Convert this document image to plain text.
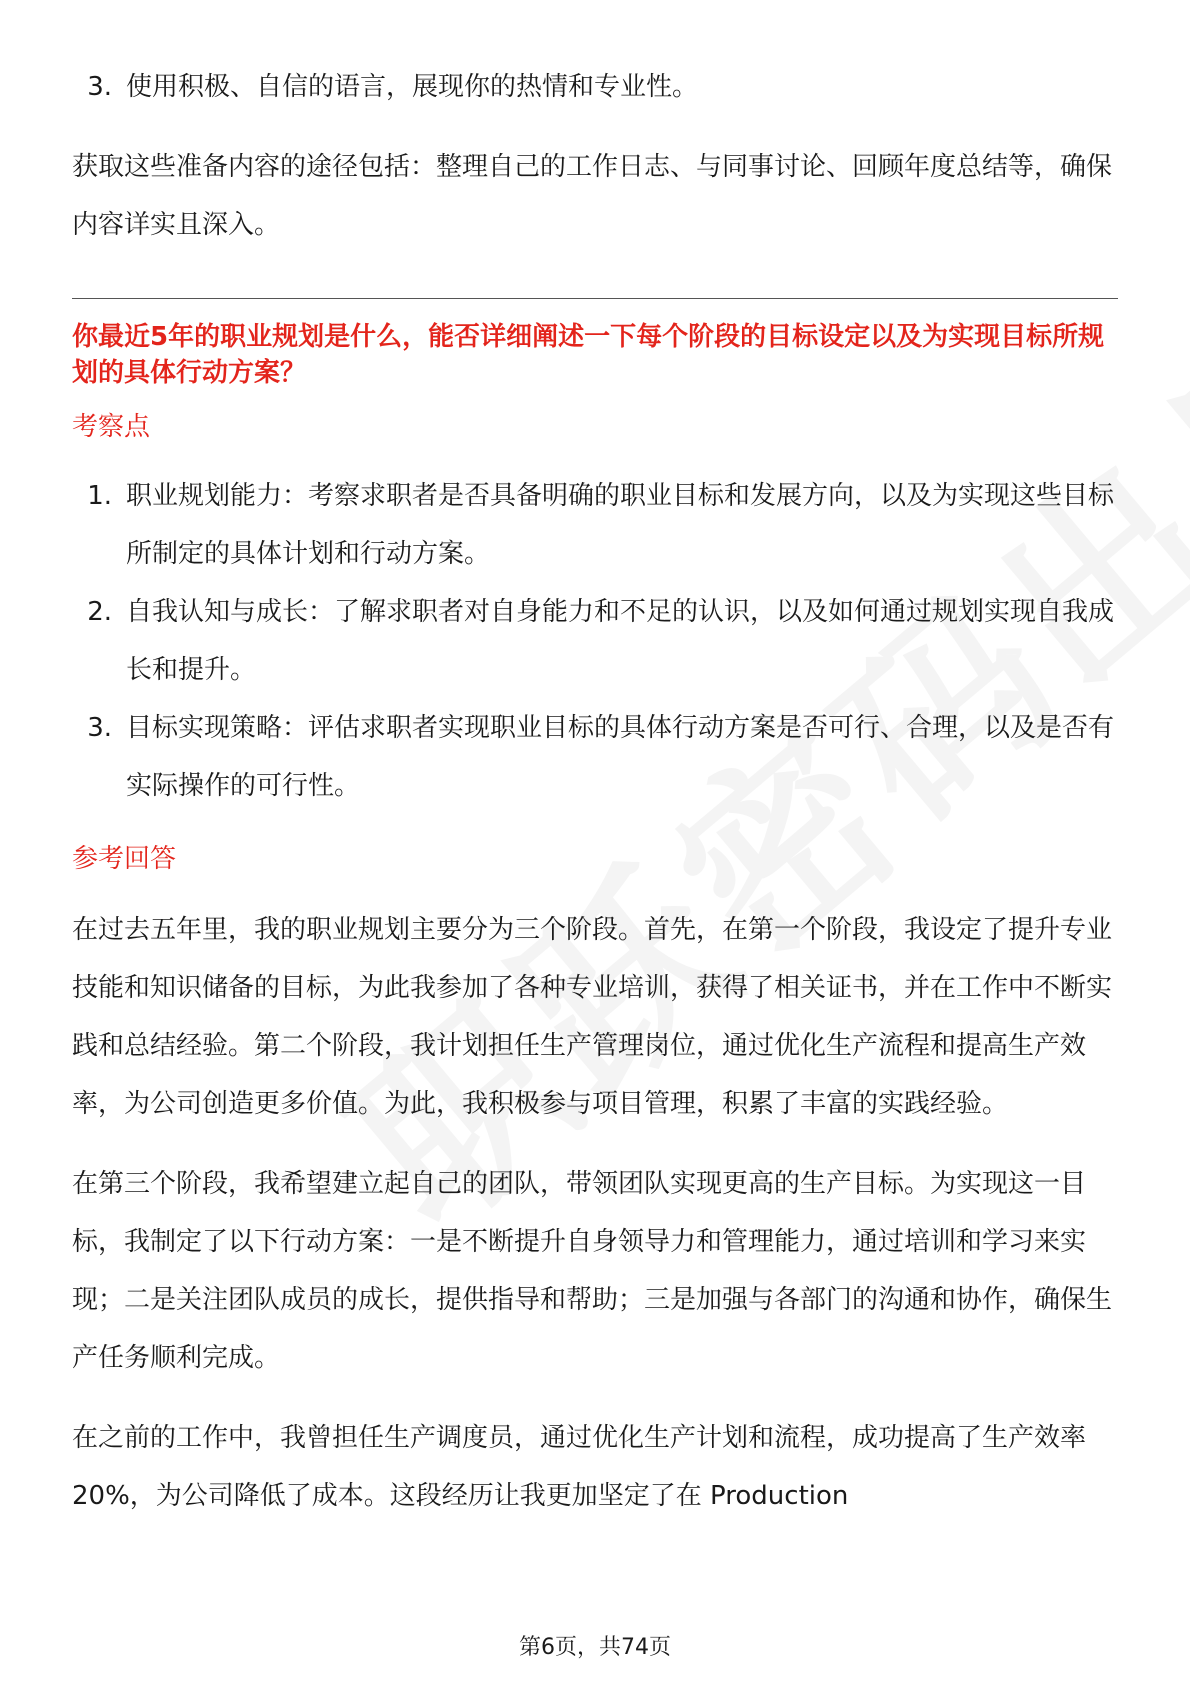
3. 使用积极、自信的语言，展现你的热情和专业性。

获取这些准备内容的途径包括：整理自己的工作日志、与同事讨论、回顾年度总结等，确保内容详实且深入。

你最近5年的职业规划是什么，能否详细阐述一下每个阶段的目标设定以及为实现目标所规划的具体行动方案？

考察点

1. 职业规划能力：考察求职者是否具备明确的职业目标和发展方向，以及为实现这些目标所制定的具体计划和行动方案。
2. 自我认知与成长：了解求职者对自身能力和不足的认识，以及如何通过规划实现自我成长和提升。
3. 目标实现策略：评估求职者实现职业目标的具体行动方案是否可行、合理，以及是否有实际操作的可行性。

参考回答

在过去五年里，我的职业规划主要分为三个阶段。首先，在第一个阶段，我设定了提升专业技能和知识储备的目标，为此我参加了各种专业培训，获得了相关证书，并在工作中不断实践和总结经验。第二个阶段，我计划担任生产管理岗位，通过优化生产流程和提高生产效率，为公司创造更多价值。为此，我积极参与项目管理，积累了丰富的实践经验。

在第三个阶段，我希望建立起自己的团队，带领团队实现更高的生产目标。为实现这一目标，我制定了以下行动方案：一是不断提升自身领导力和管理能力，通过培训和学习来实现；二是关注团队成员的成长，提供指导和帮助；三是加强与各部门的沟通和协作，确保生产任务顺利完成。

在之前的工作中，我曾担任生产调度员，通过优化生产计划和流程，成功提高了生产效率20%，为公司降低了成本。这段经历让我更加坚定了在 Production

第6页，共74页
